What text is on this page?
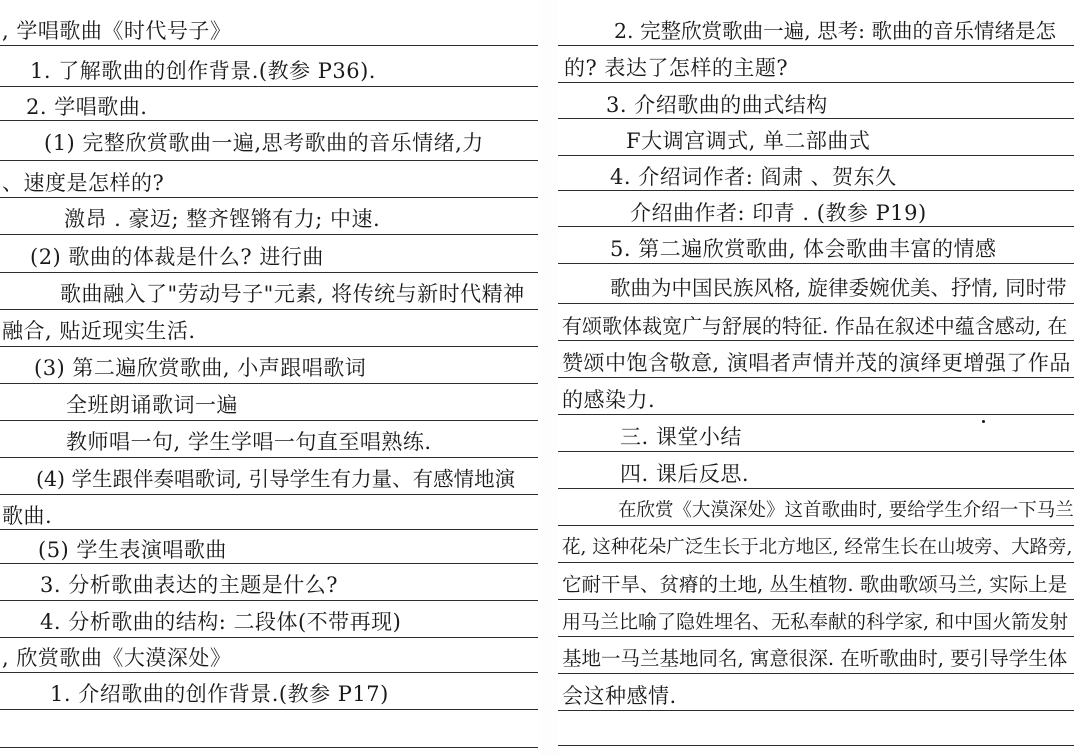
, 学唱歌曲《时代号子》
1. 了解歌曲的创作背景.(教参 P36).
2. 学唱歌曲.
(1) 完整欣赏歌曲一遍,思考歌曲的音乐情绪,力
、速度是怎样的?
激昂 . 豪迈; 整齐铿锵有力; 中速.
(2) 歌曲的体裁是什么? 进行曲
歌曲融入了"劳动号子"元素, 将传统与新时代精神
融合, 贴近现实生活.
(3) 第二遍欣赏歌曲, 小声跟唱歌词
全班朗诵歌词一遍
教师唱一句, 学生学唱一句直至唱熟练.
(4) 学生跟伴奏唱歌词, 引导学生有力量、有感情地演
歌曲.
(5) 学生表演唱歌曲
3. 分析歌曲表达的主题是什么?
4. 分析歌曲的结构: 二段体(不带再现)
, 欣赏歌曲《大漠深处》
1. 介绍歌曲的创作背景.(教参 P17)
2. 完整欣赏歌曲一遍, 思考: 歌曲的音乐情绪是怎
的? 表达了怎样的主题?
3. 介绍歌曲的曲式结构
F大调宫调式, 单二部曲式
4. 介绍词作者: 阎肃 、贺东久
介绍曲作者: 印青 . (教参 P19)
5. 第二遍欣赏歌曲, 体会歌曲丰富的情感
歌曲为中国民族风格, 旋律委婉优美、抒情, 同时带
有颂歌体裁宽广与舒展的特征. 作品在叙述中蕴含感动, 在
赞颂中饱含敬意, 演唱者声情并茂的演绎更增强了作品
的感染力.
三. 课堂小结
四. 课后反思.
在欣赏《大漠深处》这首歌曲时, 要给学生介绍一下马兰
花, 这种花朵广泛生长于北方地区, 经常生长在山坡旁、大路旁,
它耐干旱、贫瘠的土地, 丛生植物. 歌曲歌颂马兰, 实际上是
用马兰比喻了隐姓埋名、无私奉献的科学家, 和中国火箭发射
基地一马兰基地同名, 寓意很深. 在听歌曲时, 要引导学生体
会这种感情.
